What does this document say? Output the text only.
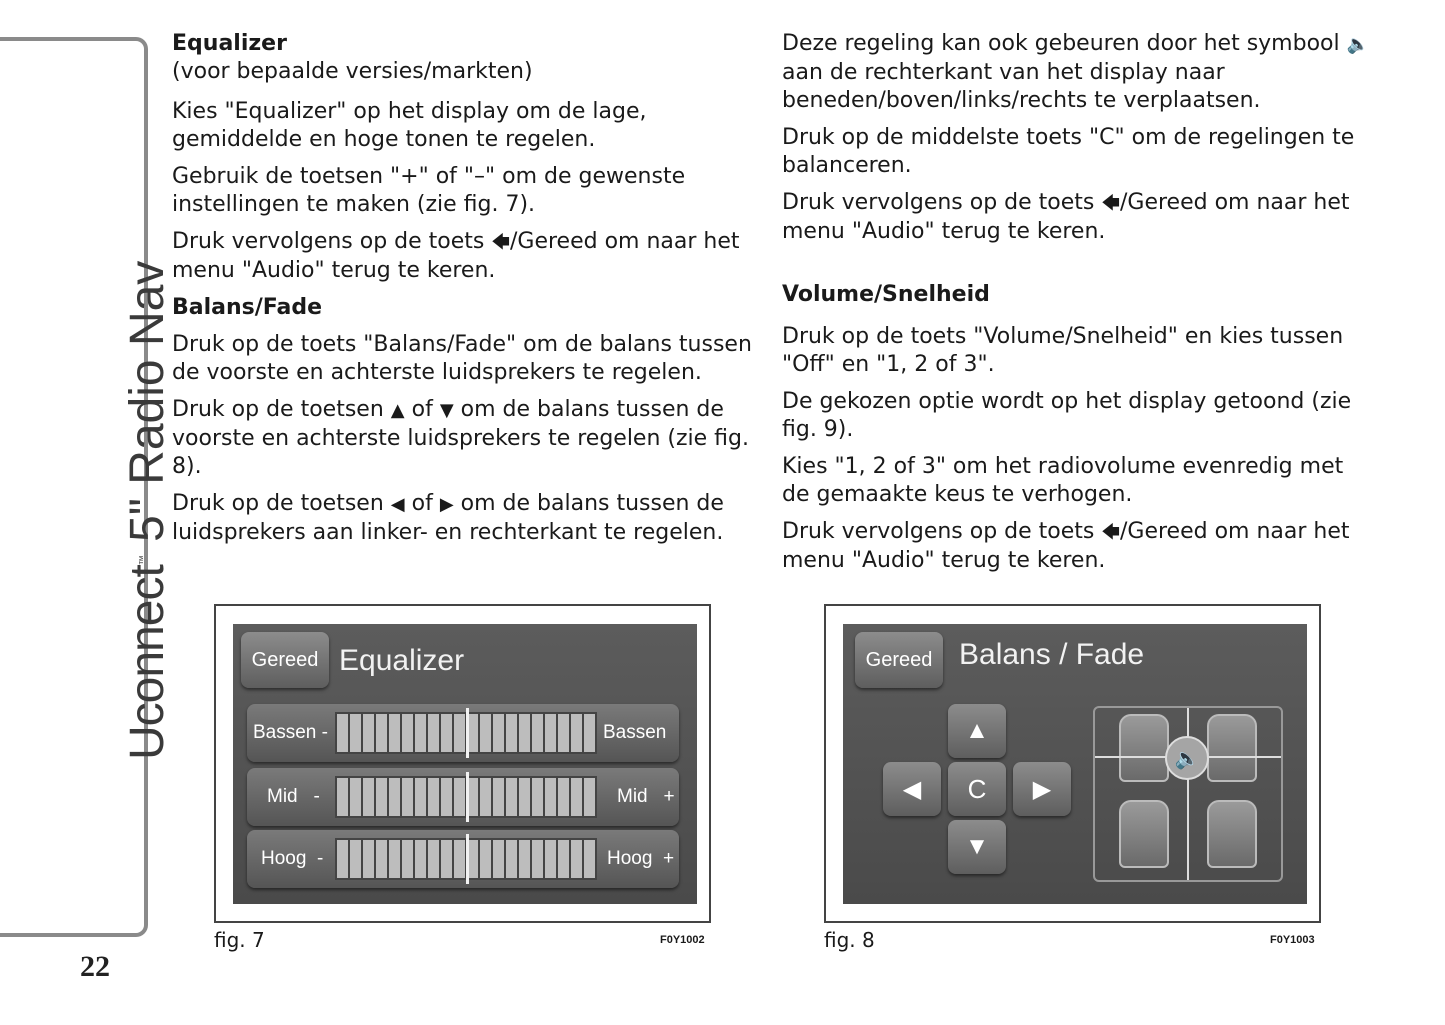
Uconnect™ 5" Radio Nav
22
Equalizer

(voor bepaalde versies/markten)

Kies "Equalizer" op het display om de lage, gemiddelde en hoge tonen te regelen.

Gebruik de toetsen "+" of "–" om de gewenste instellingen te maken (zie fig. 7).

Druk vervolgens op de toets 🡄/Gereed om naar het menu "Audio" terug te keren.

Balans/Fade

Druk op de toets "Balans/Fade" om de balans tussen de voorste en achterste luidsprekers te regelen.

Druk op de toetsen ▲ of ▼ om de balans tussen de voorste en achterste luidsprekers te regelen (zie fig. 8).

Druk op de toetsen ◀ of ▶ om de balans tussen de luidsprekers aan linker- en rechterkant te regelen.

Deze regeling kan ook gebeuren door het symbool 🔈 aan de rechterkant van het display naar beneden/boven/links/rechts te verplaatsen.

Druk op de middelste toets "C" om de regelingen te balanceren.

Druk vervolgens op de toets 🡄/Gereed om naar het menu "Audio" terug te keren.

Volume/Snelheid

Druk op de toets "Volume/Snelheid" en kies tussen "Off" en "1, 2 of 3".

De gekozen optie wordt op het display getoond (zie fig. 9).

Kies "1, 2 of 3" om het radiovolume evenredig met de gemaakte keus te verhogen.

Druk vervolgens op de toets 🡄/Gereed om naar het menu "Audio" terug te keren.

Gereed Equalizer
Bassen -	Bassen
Mid   -	Mid   +
Hoog  -	Hoog  +
fig. 7	F0Y1002
Gereed Balans / Fade
▲
◀	C	▶
▼
🔈
fig. 8	F0Y1003
